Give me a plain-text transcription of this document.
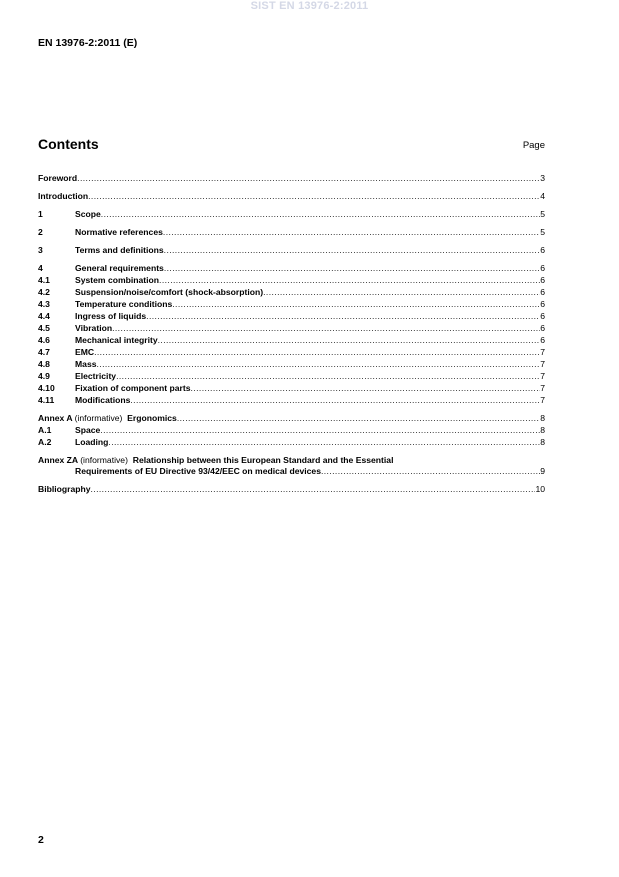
SIST EN 13976-2:2011
EN 13976-2:2011 (E)
Contents	Page
Foreword .....	3
Introduction .....	4
1	Scope .....	5
2	Normative references .....	5
3	Terms and definitions .....	6
4	General requirements .....	6
4.1	System combination .....	6
4.2	Suspension/noise/comfort (shock-absorption) .....	6
4.3	Temperature conditions .....	6
4.4	Ingress of liquids .....	6
4.5	Vibration .....	6
4.6	Mechanical integrity .....	6
4.7	EMC .....	7
4.8	Mass .....	7
4.9	Electricity .....	7
4.10	Fixation of component parts .....	7
4.11	Modifications .....	7
Annex A (informative) Ergonomics .....	8
A.1	Space .....	8
A.2	Loading .....	8
Annex ZA (informative) Relationship between this European Standard and the Essential
Requirements of EU Directive 93/42/EEC on medical devices .....	9
Bibliography .....	10
2
